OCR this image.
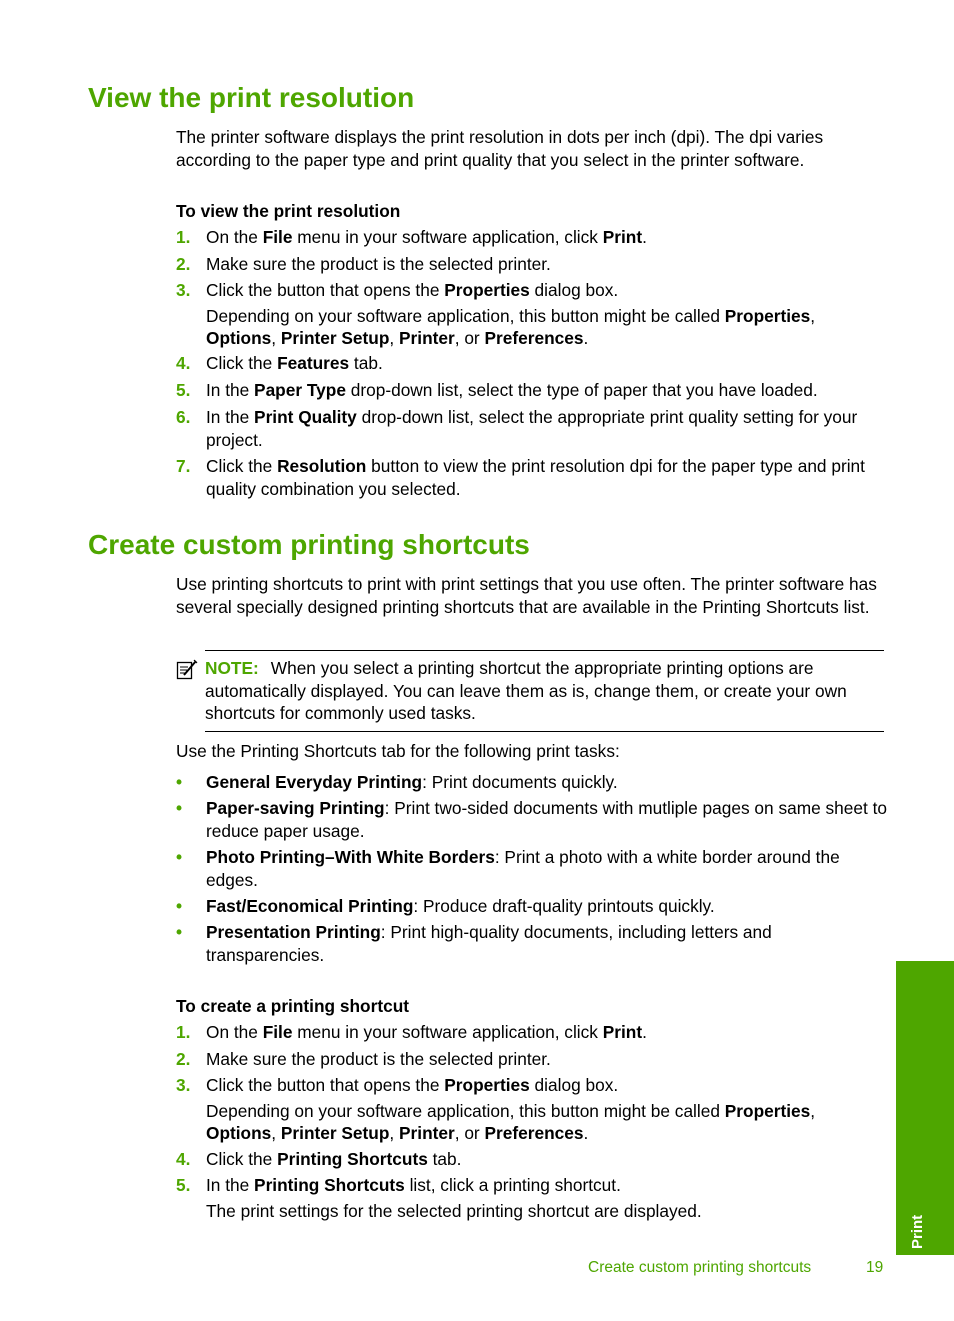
View the print resolution

The printer software displays the print resolution in dots per inch (dpi). The dpi varies according to the paper type and print quality that you select in the printer software.

To view the print resolution
1. On the File menu in your software application, click Print.
2. Make sure the product is the selected printer.
3. Click the button that opens the Properties dialog box.
Depending on your software application, this button might be called Properties, Options, Printer Setup, Printer, or Preferences.
4. Click the Features tab.
5. In the Paper Type drop-down list, select the type of paper that you have loaded.
6. In the Print Quality drop-down list, select the appropriate print quality setting for your project.
7. Click the Resolution button to view the print resolution dpi for the paper type and print quality combination you selected.
Create custom printing shortcuts

Use printing shortcuts to print with print settings that you use often. The printer software has several specially designed printing shortcuts that are available in the Printing Shortcuts list.

NOTE: When you select a printing shortcut the appropriate printing options are automatically displayed. You can leave them as is, change them, or create your own shortcuts for commonly used tasks.

Use the Printing Shortcuts tab for the following print tasks:

• General Everyday Printing: Print documents quickly.
• Paper-saving Printing: Print two-sided documents with mutliple pages on same sheet to reduce paper usage.
• Photo Printing–With White Borders: Print a photo with a white border around the edges.
• Fast/Economical Printing: Produce draft-quality printouts quickly.
• Presentation Printing: Print high-quality documents, including letters and transparencies.
To create a printing shortcut
1. On the File menu in your software application, click Print.
2. Make sure the product is the selected printer.
3. Click the button that opens the Properties dialog box.
Depending on your software application, this button might be called Properties, Options, Printer Setup, Printer, or Preferences.
4. Click the Printing Shortcuts tab.
5. In the Printing Shortcuts list, click a printing shortcut.
The print settings for the selected printing shortcut are displayed.
Print
Create custom printing shortcuts	19
